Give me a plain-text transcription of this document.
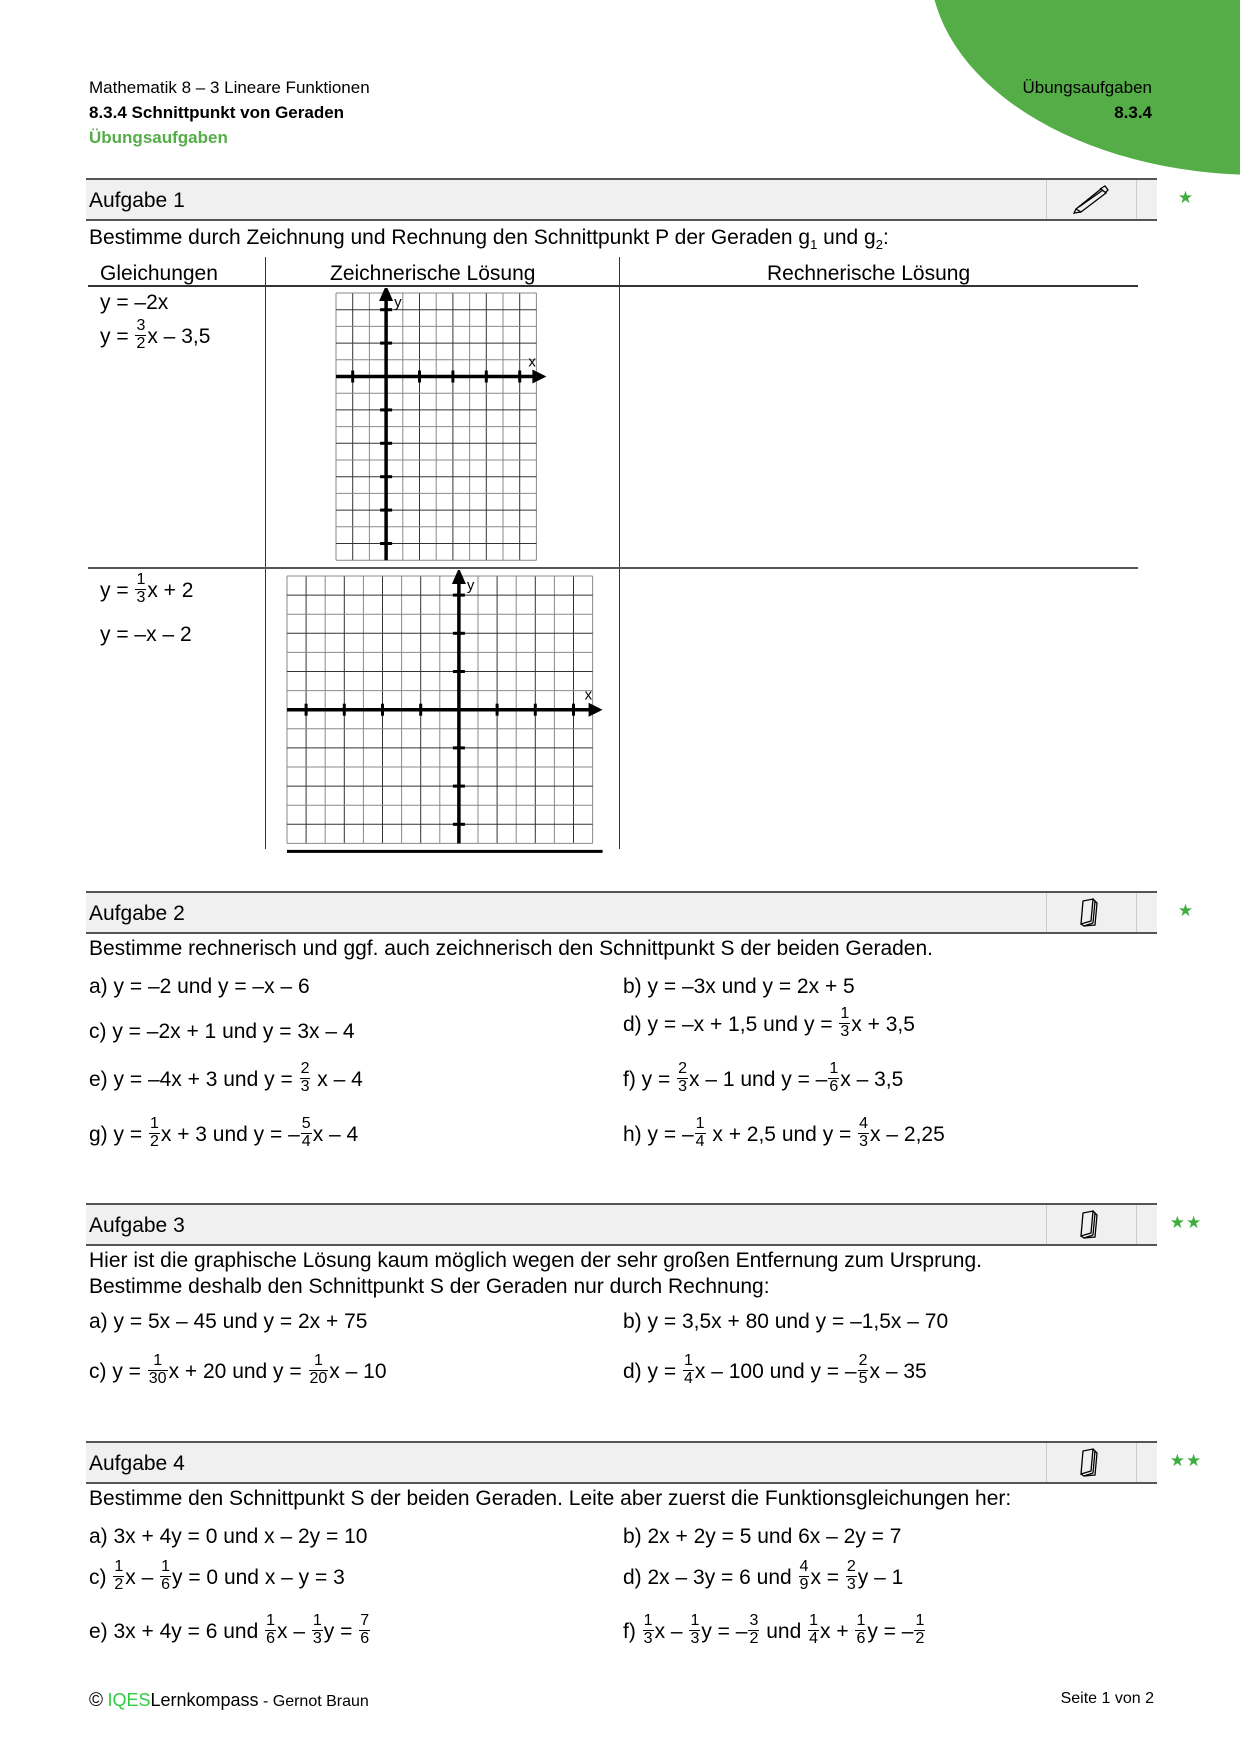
Mathematik 8 – 3 Lineare Funktionen
8.3.4 Schnittpunkt von Geraden
Übungsaufgaben
Übungsaufgaben
8.3.4
Aufgabe 1	★
Bestimme durch Zeichnung und Rechnung den Schnittpunkt P der Geraden $g_1$ und $g_2$:
Gleichungen	Zeichnerische Lösung	Rechnerische Lösung
y = –2x
$y = \frac{3}{2}$ x – 3,5
$y = \frac{1}{3}$ x + 2
y = –x – 2
x
y
x
y
Aufgabe 2	★
Bestimme rechnerisch und ggf. auch zeichnerisch den Schnittpunkt S der beiden Geraden.
a) y = –2 und y = –x – 6	b) y = –3x und y = 2x + 5
c) y = –2x + 1 und y = 3x – 4	d) y = –x + 1,5 und $y = \frac{1}{3}$ x + 3,5
e) y = –4x + 3 und $y = \frac{2}{3}$ x – 4	f) $y = \frac{2}{3}$ x – 1 und y = – $\frac{1}{6}$ x – 3,5
g) $y = \frac{1}{2}$ x + 3 und y = – $\frac{5}{4}$ x – 4	h) y = – $\frac{1}{4}$ x + 2,5 und $y = \frac{4}{3}$ x – 2,25
Aufgabe 3	★★
Hier ist die graphische Lösung kaum möglich wegen der sehr großen Entfernung zum Ursprung.
Bestimme deshalb den Schnittpunkt S der Geraden nur durch Rechnung:
a) y = 5x – 45 und y = 2x + 75	b) y = 3,5x + 80 und y = –1,5x – 70
c) $y = \frac{1}{30}$ x + 20 und $y = \frac{1}{20}$ x – 10	d) $y = \frac{1}{4}$ x – 100 und y = – $\frac{2}{5}$ x – 35
Aufgabe 4	★★
Bestimme den Schnittpunkt S der beiden Geraden. Leite aber zuerst die Funktionsgleichungen her:
a) 3x + 4y = 0 und x – 2y = 10	b) 2x + 2y = 5 und 6x – 2y = 7
$c) \frac{1}{2}$ x – $\frac{1}{6}$ y = 0 und x – y = 3	d) 2x – 3y = 6 und $\frac{4}{9}$ $x = \frac{2}{3}$ y – 1
e) 3x + 4y = 6 und $\frac{1}{6}$ x – $\frac{1}{3}$ $y = \frac{7}{6}$	$f) \frac{1}{3}$ x – $\frac{1}{3}$ y = – $\frac{3}{2}$ und $\frac{1}{4}$ $x + \frac{1}{6}$ y = – $\frac{1}{2}$
© IQESLernkompass - Gernot Braun	Seite 1 von 2
